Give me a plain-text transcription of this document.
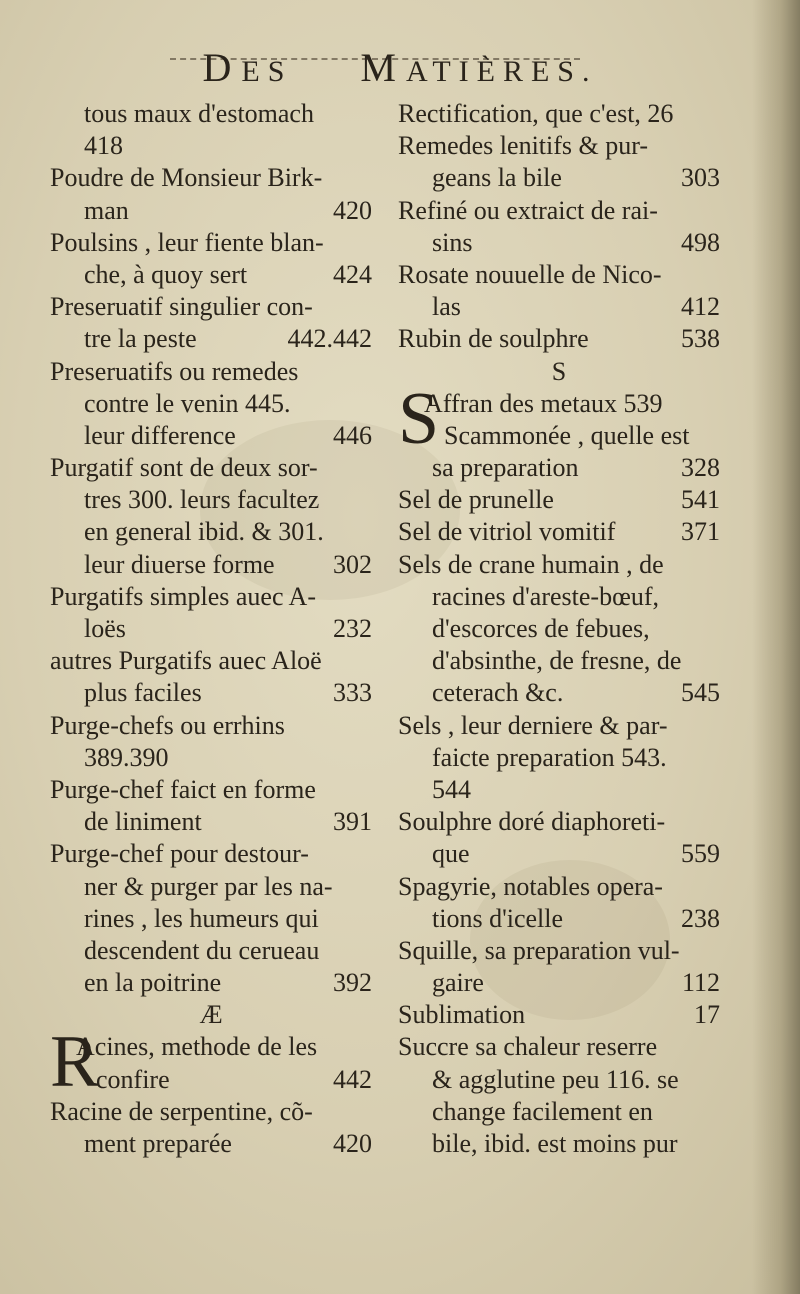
DES MATIÈRES.
tous maux d'estomach
418
Poudre de Monsieur Birk-
man	420
Poulsins , leur fiente blan-
che, à quoy sert	424
Preseruatif singulier con-
tre la peste	442.442
Preseruatifs ou remedes
contre le venin 445.
leur difference	446
Purgatif sont de deux sor-
tres 300. leurs facultez
en general ibid. & 301.
leur diuerse forme 302
Purgatifs simples auec A-
loës	232
autres Purgatifs auec Aloë
plus faciles	333
Purge-chefs ou errhins
389.390
Purge-chef faict en forme
de liniment	391
Purge-chef pour destour-
ner & purger par les na-
rines , les humeurs qui
descendent du cerueau
en la poitrine	392
Æ
R
Acines, methode de les
confire	442
Racine de serpentine, cõ-
ment preparée	420
Rectification, que c'est, 26
Remedes lenitifs & pur-
geans la bile	303
Refiné ou extraict de rai-
sins	498
Rosate nouuelle de Nico-
las	412
Rubin de soulphre	538
S
S
Affran des metaux 539
Scammonée , quelle est
sa preparation	328
Sel de prunelle	541
Sel de vitriol vomitif	371
Sels de crane humain , de
racines d'areste-bœuf,
d'escorces de febues,
d'absinthe, de fresne, de
ceterach &c.	545
Sels , leur derniere & par-
faicte preparation 543.
544
Soulphre doré diaphoreti-
que	559
Spagyrie, notables opera-
tions d'icelle	238
Squille, sa preparation vul-
gaire	112
Sublimation	17
Succre sa chaleur reserre
& agglutine peu 116. se
change facilement en
bile, ibid. est moins pur
